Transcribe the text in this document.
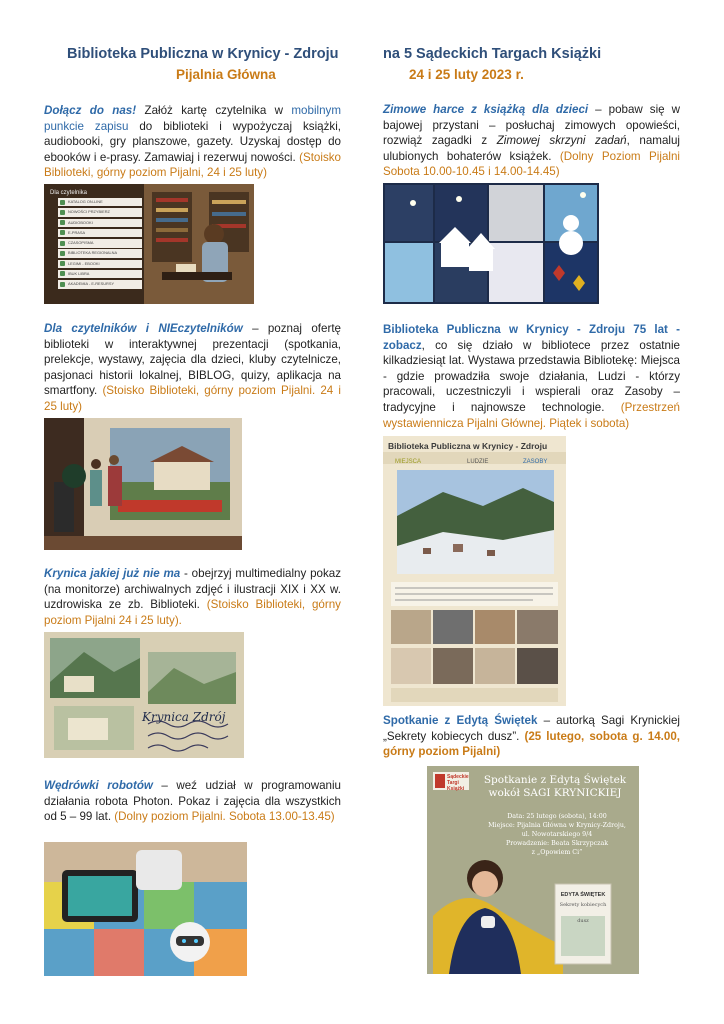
Biblioteka Publiczna w Krynicy - Zdroju
Pijalnia Główna
na 5 Sądeckich Targach Książki
24 i 25 luty 2023 r.
Dołącz do nas! Załóż kartę czytelnika w mobilnym punkcie zapisu do biblioteki i wypożyczaj książki, audiobooki, gry planszowe, gazety. Uzyskaj dostęp do ebooków i e-prasy. Zamawiaj i rezerwuj nowości. (Stoisko Biblioteki, górny poziom Pijalni, 24 i 25 luty)
Dla czytelnika
KATALOG ON-LINE
NOWOŚCI PRZYBIERZ
AUDIOBOOKI
E-PRASA
CZASOPISMA
BIBLIOTEKA REGIONALNA
LEGIMI - EBOOKI
IBUK LIBRA
AKADEMIA - E-RESURSY
Dla czytelników i NIEczytelników – poznaj ofertę biblioteki w interaktywnej prezentacji (spotkania, prelekcje, wystawy, zajęcia dla dzieci, kluby czytelnicze, pasjonaci historii lokalnej, BIBLOG, quizy, aplikacja na smartfony. (Stoisko Biblioteki, górny poziom Pijalni. 24 i 25 luty)
Krynica jakiej już nie ma - obejrzyj multimedialny pokaz (na monitorze) archiwalnych zdjęć i ilustracji XIX i XX w. uzdrowiska ze zb. Biblioteki. (Stoisko Biblioteki, górny poziom Pijalni 24 i 25 luty).
Krynica Zdrój
Wędrówki robotów – weź udział w programowaniu działania robota Photon. Pokaz i zajęcia dla wszystkich od 5 – 99 lat. (Dolny poziom Pijalni. Sobota 13.00-13.45)
Zimowe harce z książką dla dzieci – pobaw się w bajowej przystani – posłuchaj zimowych opowieści, rozwiąż zagadki z Zimowej skrzyni zadań, namaluj ulubionych bohaterów książek. (Dolny Poziom Pijalni Sobota 10.00-10.45 i 14.00-14.45)
Biblioteka Publiczna w Krynicy - Zdroju 75 lat - zobacz, co się działo w bibliotece przez ostatnie kilkadziesiąt lat. Wystawa przedstawia Bibliotekę: Miejsca - gdzie prowadziła swoje działania, Ludzi - którzy pracowali, uczestniczyli i wspierali oraz Zasoby – tradycyjne i najnowsze technologie. (Przestrzeń wystawiennicza Pijalni Głównej. Piątek i sobota)
Biblioteka Publiczna w Krynicy - Zdroju
MIEJSCA	LUDZIE	ZASOBY
Spotkanie z Edytą Świętek – autorką Sagi Krynickiej „Sekrety kobiecych dusz”. (25 lutego, sobota g. 14.00, górny poziom Pijalni)
Sądeckie Targi Książki
Spotkanie z Edytą Świętek wokół SAGI KRYNICKIEJ
Data: 25 lutego (sobota), 14:00
Miejsce: Pijalnia Główna w Krynicy-Zdroju,
ul. Nowotarskiego 9/4
Prowadzenie: Beata Skrzypczak
z „Opowiem Ci”
EDYTA ŚWIĘTEK
Sekrety kobiecych dusz
